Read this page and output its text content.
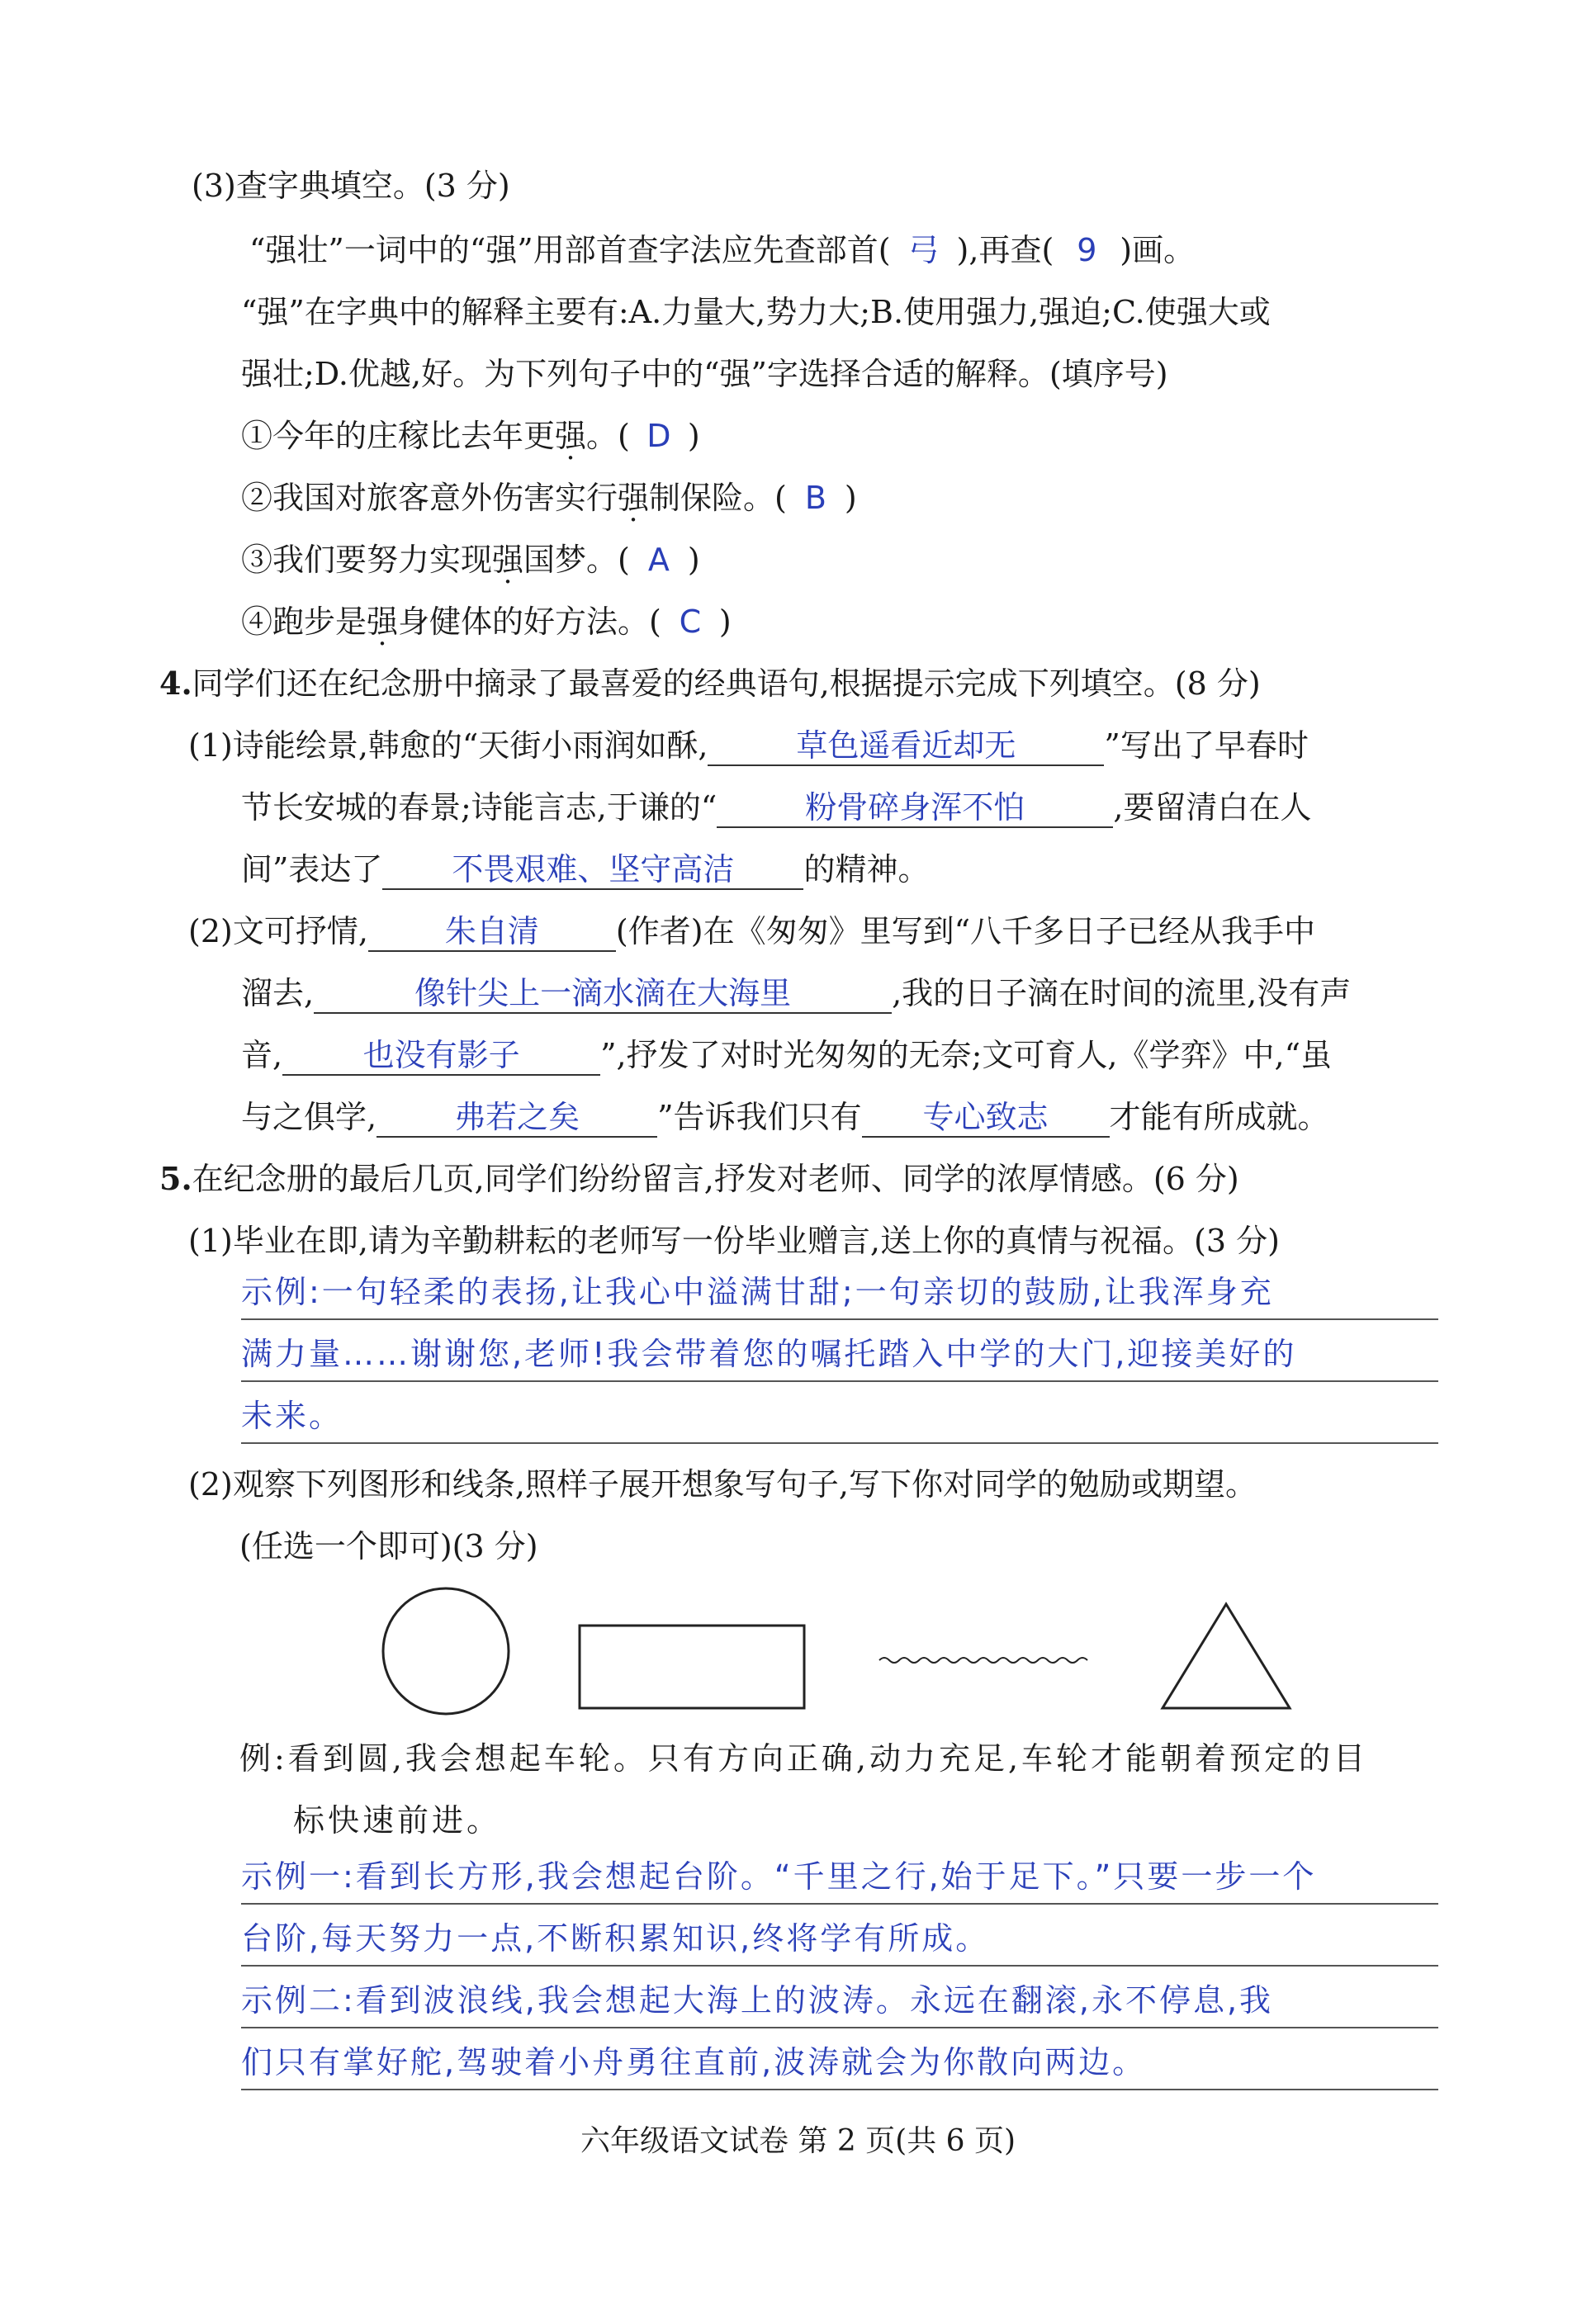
(3)查字典填空。(3 分)
“强壮”一词中的“强”用部首查字法应先查部首( 弓 ),再查( 9 )画。
“强”在字典中的解释主要有:A.力量大,势力大;B.使用强力,强迫;C.使强大或
强壮;D.优越,好。为下列句子中的“强”字选择合适的解释。(填序号)
①今年的庄稼比去年更强。( D )
②我国对旅客意外伤害实行强制保险。( B )
③我们要努力实现强国梦。( A )
④跑步是强身健体的好方法。( C )
4.同学们还在纪念册中摘录了最喜爱的经典语句,根据提示完成下列填空。(8 分)
(1)诗能绘景,韩愈的“天街小雨润如酥,	草色遥看近却无	”写出了早春时
节长安城的春景;诗能言志,于谦的“	粉骨碎身浑不怕	,要留清白在人
间”表达了 不畏艰难、坚守高洁 的精神。
(2)文可抒情, 朱自清 (作者)在《匆匆》里写到“八千多日子已经从我手中
溜去,	像针尖上一滴水滴在大海里	,我的日子滴在时间的流里,没有声
音,	也没有影子	”,抒发了对时光匆匆的无奈;文可育人,《学弈》中,“虽
与之俱学, 弗若之矣 ”告诉我们只有 专心致志 才能有所成就。
5.在纪念册的最后几页,同学们纷纷留言,抒发对老师、同学的浓厚情感。(6 分)
(1)毕业在即,请为辛勤耕耘的老师写一份毕业赠言,送上你的真情与祝福。(3 分)
示例:一句轻柔的表扬,让我心中溢满甘甜;一句亲切的鼓励,让我浑身充
满力量……谢谢您,老师!我会带着您的嘱托踏入中学的大门,迎接美好的
未来。
(2)观察下列图形和线条,照样子展开想象写句子,写下你对同学的勉励或期望。
(任选一个即可)(3 分)
例:看到圆,我会想起车轮。只有方向正确,动力充足,车轮才能朝着预定的目
标快速前进。
示例一:看到长方形,我会想起台阶。“千里之行,始于足下。”只要一步一个
台阶,每天努力一点,不断积累知识,终将学有所成。
示例二:看到波浪线,我会想起大海上的波涛。永远在翻滚,永不停息,我
们只有掌好舵,驾驶着小舟勇往直前,波涛就会为你散向两边。
六年级语文试卷 第 2 页(共 6 页)
